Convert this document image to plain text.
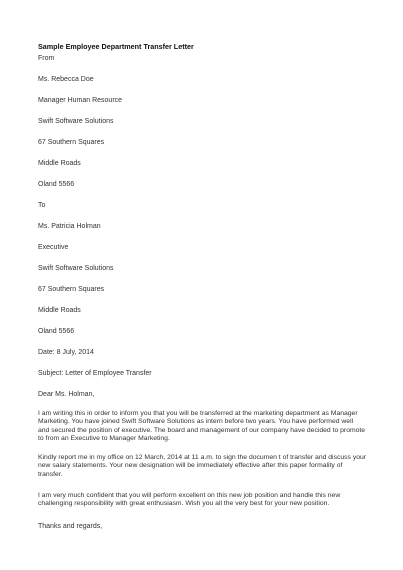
Sample Employee Department Transfer Letter
From
Ms. Rebecca Doe
Manager Human Resource
Swift Software Solutions
67 Southern Squares
Middle Roads
Oland 5566
To
Ms. Patricia Holman
Executive
Swift Software Solutions
67 Southern Squares
Middle Roads
Oland 5566
Date: 8 July, 2014
Subject: Letter of Employee Transfer
Dear Ms. Holman,
I am writing this in order to inform you that you will be transferred at the marketing department as Manager
Marketing. You have joined Swift Software Solutions as intern before two years. You have performed well
and secured the position of executive. The board and management of our company have decided to promote
to from an Executive to Manager Marketing.
Kindly report me in my office on 12 March, 2014 at 11 a.m. to sign the documen t of transfer and discuss your
new salary statements. Your new designation will be immediately effective after this paper formality of
transfer.
I am very much confident that you will perform excellent on this new job position and handle this new
challenging responsibility with great enthusiasm. Wish you all the very best for your new position.
Thanks and regards,
